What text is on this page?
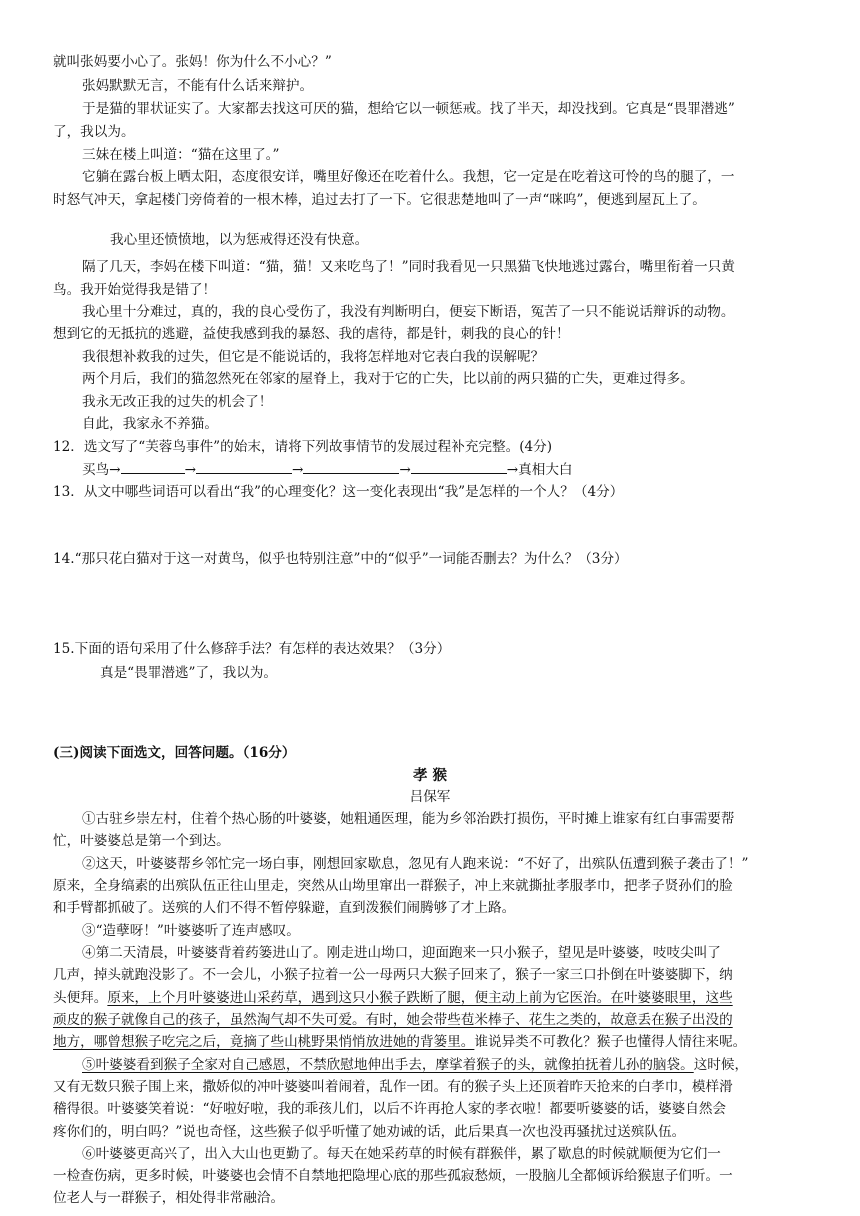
就叫张妈要小心了。张妈！你为什么不小心？”
张妈默默无言，不能有什么话来辩护。
于是猫的罪状证实了。大家都去找这可厌的猫，想给它以一顿惩戒。找了半天，却没找到。它真是“畏罪潜逃”
了，我以为。
三妹在楼上叫道：“猫在这里了。”
它躺在露台板上晒太阳，态度很安详，嘴里好像还在吃着什么。我想，它一定是在吃着这可怜的鸟的腿了，一
时怒气冲天，拿起楼门旁倚着的一根木棒，追过去打了一下。它很悲楚地叫了一声“咪呜”，便逃到屋瓦上了。
我心里还愤愤地，以为惩戒得还没有快意。
隔了几天，李妈在楼下叫道：“猫，猫！又来吃鸟了！”同时我看见一只黑猫飞快地逃过露台，嘴里衔着一只黄
鸟。我开始觉得我是错了！
我心里十分难过，真的，我的良心受伤了，我没有判断明白，便妄下断语，冤苦了一只不能说话辩诉的动物。
想到它的无抵抗的逃避，益使我感到我的暴怒、我的虐待，都是针，刺我的良心的针！
我很想补救我的过失，但它是不能说话的，我将怎样地对它表白我的误解呢？
两个月后，我们的猫忽然死在邻家的屋脊上，我对于它的亡失，比以前的两只猫的亡失，更难过得多。
我永无改正我的过失的机会了！
自此，我家永不养猫。
12．选文写了“芙蓉鸟事件”的始末，请将下列故事情节的发展过程补充完整。(4分)
买鸟→	→	→	→	→真相大白
13．从文中哪些词语可以看出“我”的心理变化？这一变化表现出“我”是怎样的一个人？（4分）
14.“那只花白猫对于这一对黄鸟，似乎也特别注意”中的“似乎”一词能否删去？为什么？（3分）
15.下面的语句采用了什么修辞手法？有怎样的表达效果？（3分）
真是“畏罪潜逃”了，我以为。
(三)阅读下面选文，回答问题。（16分）
孝 猴
吕保军
①古驻乡崇左村，住着个热心肠的叶婆婆，她粗通医理，能为乡邻治跌打损伤，平时摊上谁家有红白事需要帮
忙，叶婆婆总是第一个到达。
②这天，叶婆婆帮乡邻忙完一场白事，刚想回家歇息，忽见有人跑来说：“不好了，出殡队伍遭到猴子袭击了！”
原来，全身缟素的出殡队伍正往山里走，突然从山坳里窜出一群猴子，冲上来就撕扯孝服孝巾，把孝子贤孙们的脸
和手臂都抓破了。送殡的人们不得不暂停躲避，直到泼猴们闹腾够了才上路。
③“造孽呀！”叶婆婆听了连声感叹。
④第二天清晨，叶婆婆背着药篓进山了。刚走进山坳口，迎面跑来一只小猴子，望见是叶婆婆，吱吱尖叫了
几声，掉头就跑没影了。不一会儿，小猴子拉着一公一母两只大猴子回来了，猴子一家三口扑倒在叶婆婆脚下，纳
头便拜。原来，上个月叶婆婆进山采药草，遇到这只小猴子跌断了腿，便主动上前为它医治。在叶婆婆眼里，这些
顽皮的猴子就像自己的孩子，虽然淘气却不失可爱。有时，她会带些苞米棒子、花生之类的，故意丢在猴子出没的
地方，哪曾想猴子吃完之后，竟摘了些山桃野果悄悄放进她的背篓里。谁说异类不可教化？猴子也懂得人情往来呢。
⑤叶婆婆看到猴子全家对自己感恩，不禁欣慰地伸出手去，摩挲着猴子的头，就像拍抚着儿孙的脑袋。这时候，
又有无数只猴子围上来，撒娇似的冲叶婆婆叫着闹着，乱作一团。有的猴子头上还顶着昨天抢来的白孝巾，模样滑
稽得很。叶婆婆笑着说：“好啦好啦，我的乖孩儿们，以后不许再抢人家的孝衣啦！都要听婆婆的话，婆婆自然会
疼你们的，明白吗？”说也奇怪，这些猴子似乎听懂了她劝诫的话，此后果真一次也没再骚扰过送殡队伍。
⑥叶婆婆更高兴了，出入大山也更勤了。每天在她采药草的时候有群猴伴，累了歇息的时候就顺便为它们一
一检查伤病，更多时候，叶婆婆也会情不自禁地把隐埋心底的那些孤寂愁烦，一股脑儿全都倾诉给猴崽子们听。一
位老人与一群猴子，相处得非常融洽。
